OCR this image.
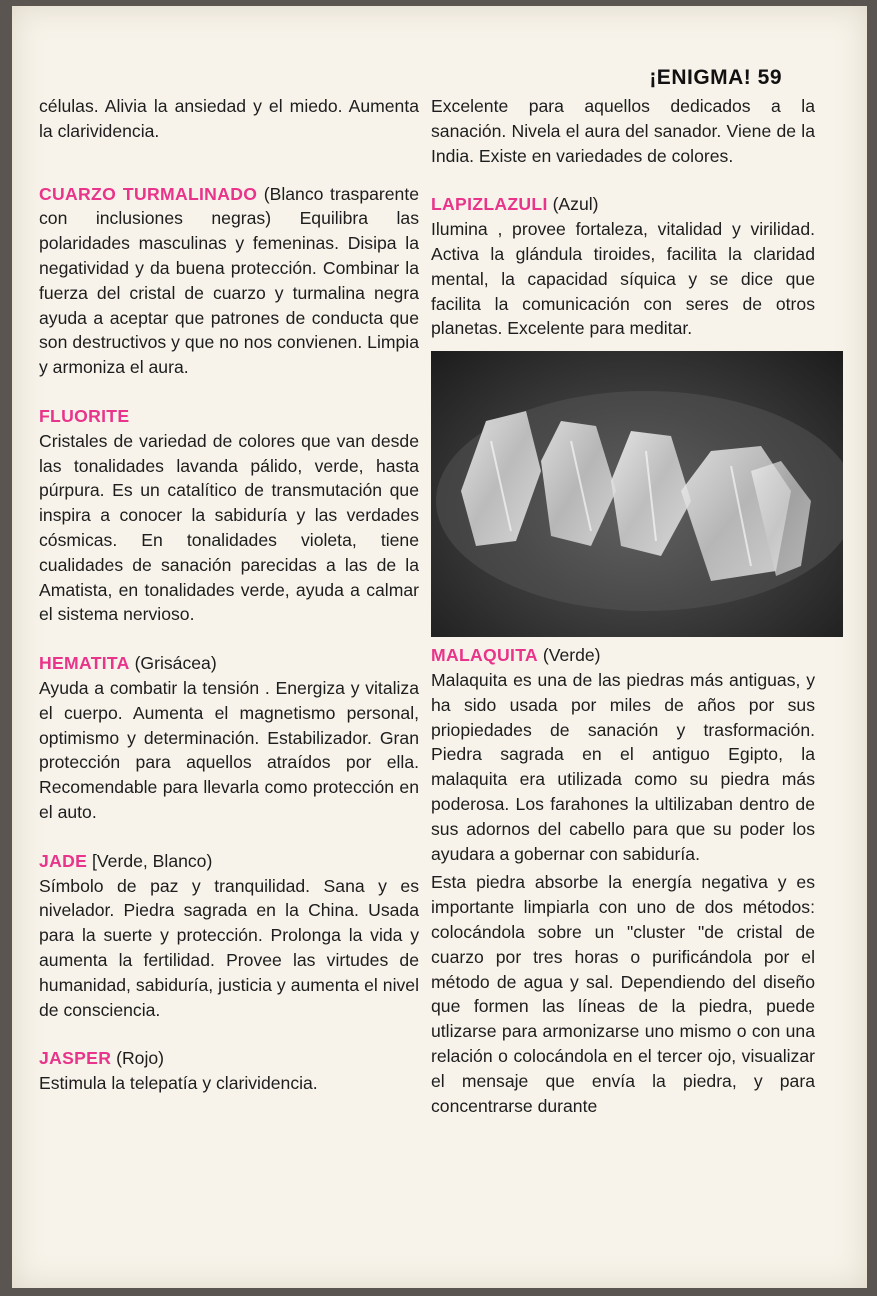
¡ENIGMA! 59

células. Alivia la ansiedad y el miedo. Aumenta la clarividencia.

CUARZO TURMALINADO (Blanco trasparente con inclusiones negras) Equilibra las polaridades masculinas y femeninas. Disipa la negatividad y da buena protección. Combinar la fuerza del cristal de cuarzo y turmalina negra ayuda a aceptar que patrones de conducta que son destructivos y que no nos convienen. Limpia y armoniza el aura.

FLUORITE
Cristales de variedad de colores que van desde las tonalidades lavanda pálido, verde, hasta púrpura. Es un catalítico de transmutación que inspira a conocer la sabiduría y las verdades cósmicas. En tonalidades violeta, tiene cualidades de sanación parecidas a las de la Amatista, en tonalidades verde, ayuda a calmar el sistema nervioso.

HEMATITA (Grisácea)
Ayuda a combatir la tensión . Energiza y vitaliza el cuerpo. Aumenta el magnetismo personal, optimismo y determinación. Estabilizador. Gran protección para aquellos atraídos por ella. Recomendable para llevarla como protección en el auto.

JADE [Verde, Blanco)
Símbolo de paz y tranquilidad. Sana y es nivelador. Piedra sagrada en la China. Usada para la suerte y protección. Prolonga la vida y aumenta la fertilidad. Provee las virtudes de humanidad, sabiduría, justicia y aumenta el nivel de consciencia.

JASPER (Rojo)
Estimula la telepatía y clarividencia.

Excelente para aquellos dedicados a la sanación. Nivela el aura del sanador. Viene de la India. Existe en variedades de colores.

LAPIZLAZULI (Azul)
Ilumina , provee fortaleza, vitalidad y virilidad. Activa la glándula tiroides, facilita la claridad mental, la capacidad síquica y se dice que facilita la comunicación con seres de otros planetas. Excelente para meditar.

MALAQUITA (Verde)
Malaquita es una de las piedras más antiguas, y ha sido usada por miles de años por sus priopiedades de sanación y trasformación. Piedra sagrada en el antiguo Egipto, la malaquita era utilizada como su piedra más poderosa. Los farahones la ultilizaban dentro de sus adornos del cabello para que su poder los ayudara a gobernar con sabiduría.

Esta piedra absorbe la energía negativa y es importante limpiarla con uno de dos métodos: colocándola sobre un "cluster "de cristal de cuarzo por tres horas o purificándola por el método de agua y sal. Dependiendo del diseño que formen las líneas de la piedra, puede utlizarse para armonizarse uno mismo o con una relación o colocándola en el tercer ojo, visualizar el mensaje que envía la piedra, y para concentrarse durante
